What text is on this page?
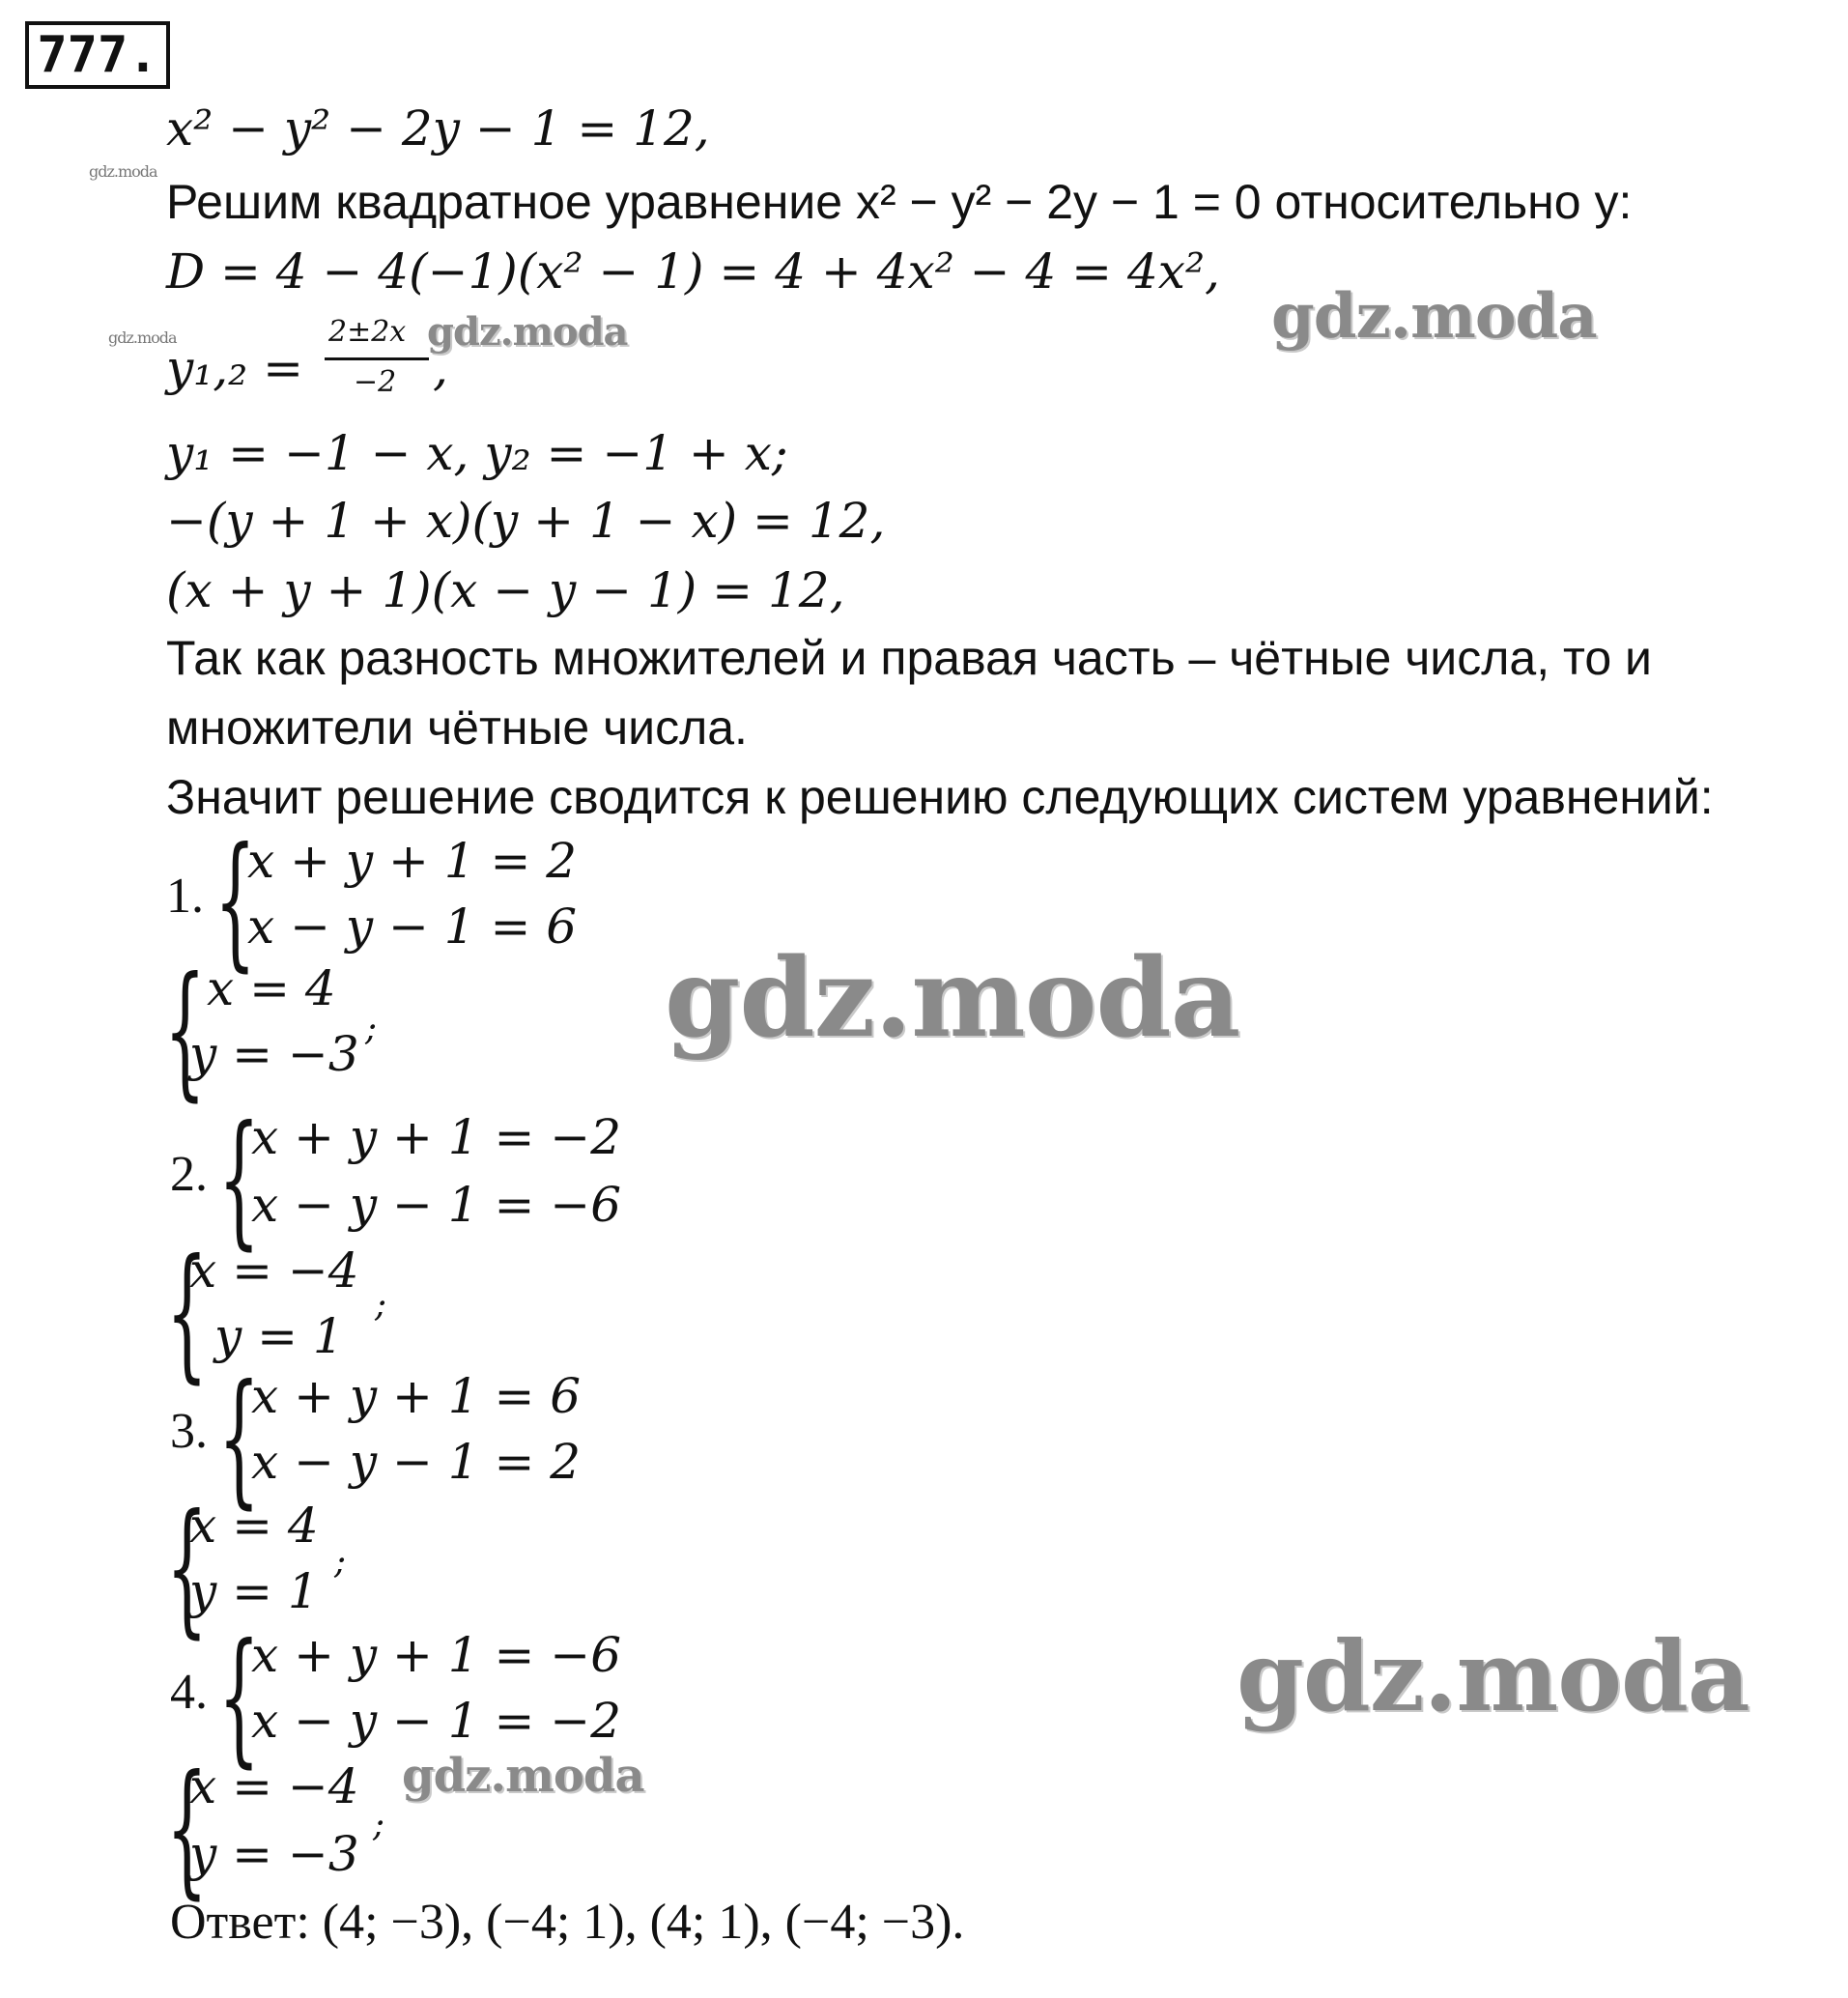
777.
x² − y² − 2y − 1 = 12,
Решим квадратное уравнение x² − y² − 2y − 1 = 0 относительно y:
D = 4 − 4(−1)(x² − 1) = 4 + 4x² − 4 = 4x²,
y₁,₂ =
2±2x
−2 ,
y₁ = −1 − x, y₂ = −1 + x;
−(y + 1 + x)(y + 1 − x) = 12,
(x + y + 1)(x − y − 1) = 12,
Так как разность множителей и правая часть – чётные числа, то и
множители чётные числа.
Значит решение сводится к решению следующих систем уравнений:
1. {
x + y + 1 = 2
x − y − 1 = 6
{ x = 4
y = −3 ;
2. {
x + y + 1 = −2
x − y − 1 = −6
{
x = −4
y = 1
;
3. {
x + y + 1 = 6
x − y − 1 = 2
{
x = 4
y = 1
;
4. {
x + y + 1 = −6
x − y − 1 = −2
{
x = −4
y = −3
;
Ответ: (4; −3), (−4; 1), (4; 1), (−4; −3).
gdz.moda
gdz.moda	gdz.moda
gdz.moda
gdz.moda
gdz.moda
gdz.moda
